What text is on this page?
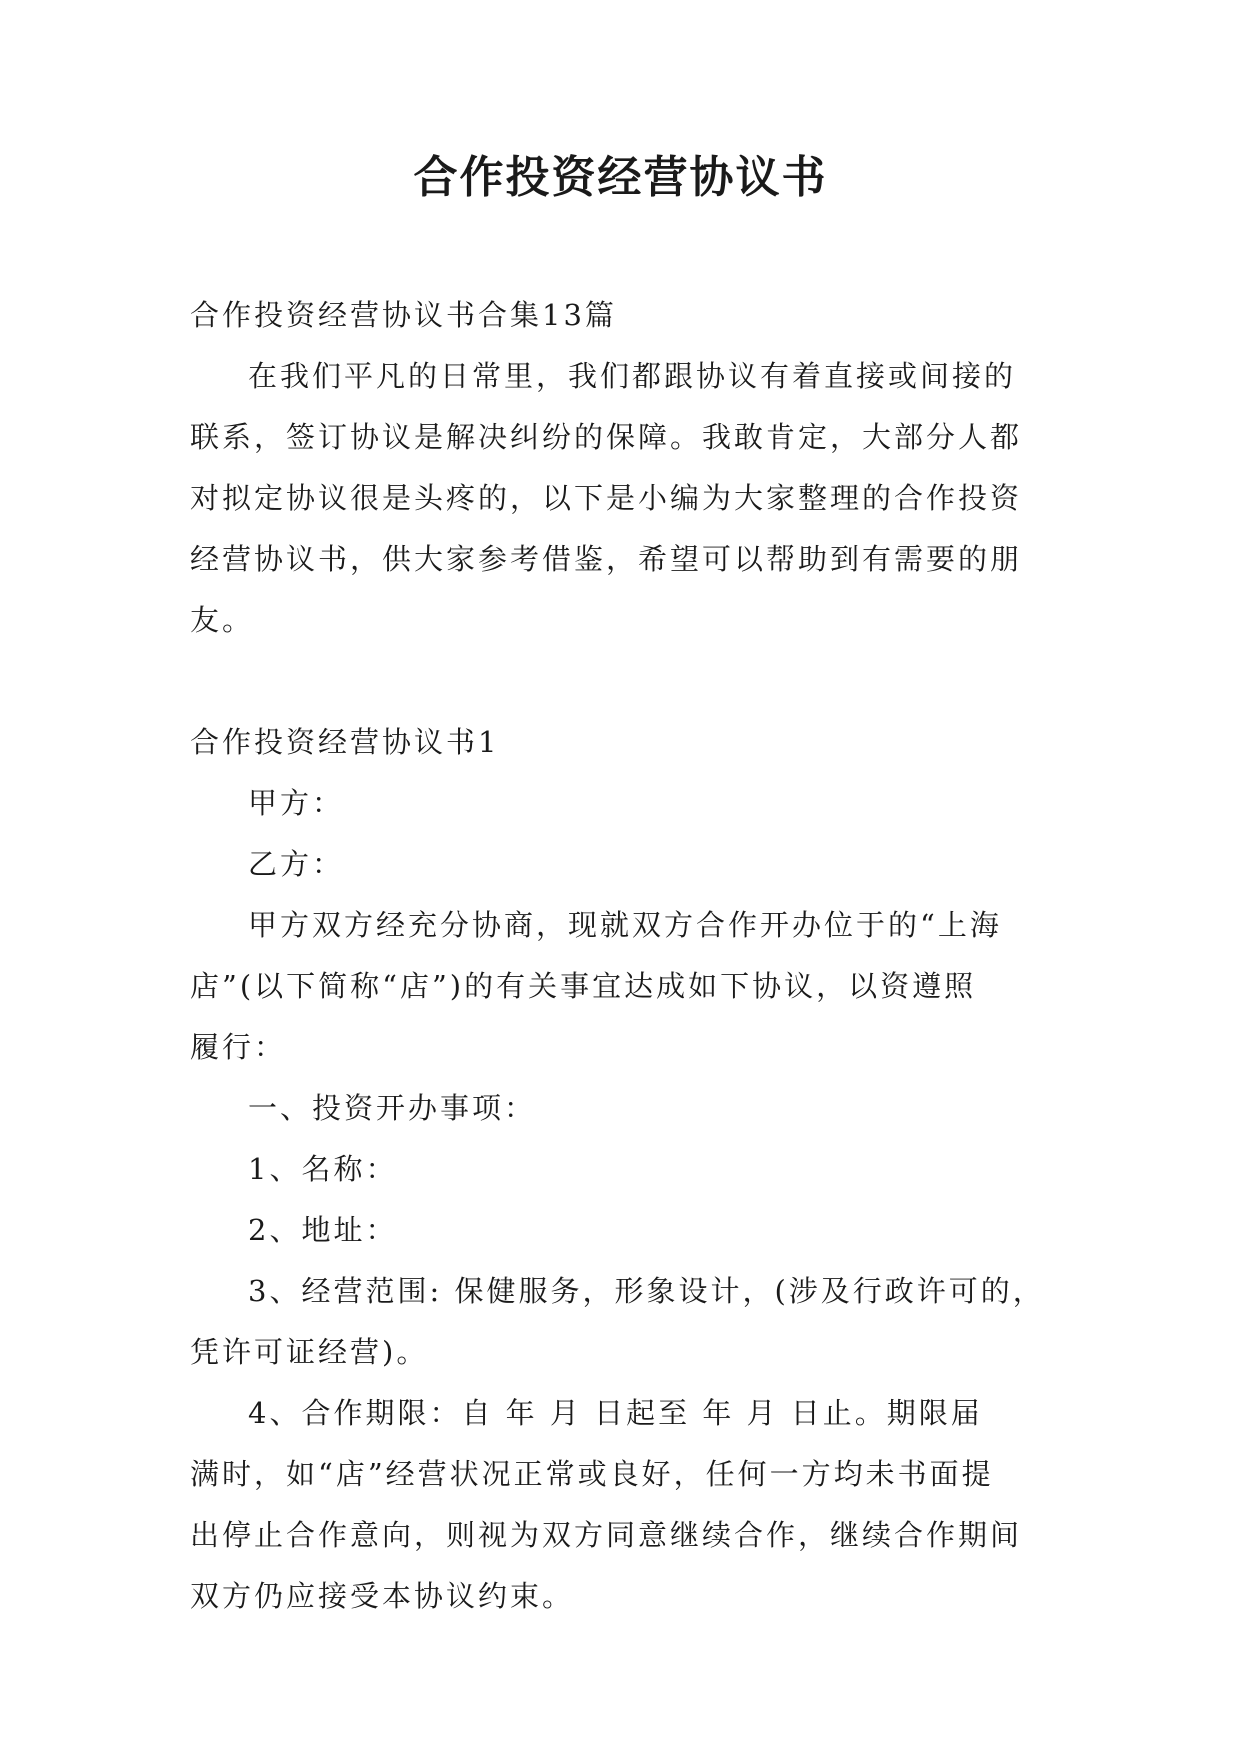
合作投资经营协议书

合作投资经营协议书合集13篇

在我们平凡的日常里，我们都跟协议有着直接或间接的

联系，签订协议是解决纠纷的保障。我敢肯定，大部分人都

对拟定协议很是头疼的，以下是小编为大家整理的合作投资

经营协议书，供大家参考借鉴，希望可以帮助到有需要的朋

友。

合作投资经营协议书1

甲方：

乙方：

甲方双方经充分协商，现就双方合作开办位于的“上海

店”(以下简称“店”)的有关事宜达成如下协议，以资遵照

履行：

一、投资开办事项：

1、名称：

2、地址：

3、经营范围: 保健服务，形象设计，(涉及行政许可的，

凭许可证经营)。

4、合作期限：自 年 月 日起至 年 月 日止。期限届

满时，如“店”经营状况正常或良好，任何一方均未书面提

出停止合作意向，则视为双方同意继续合作，继续合作期间

双方仍应接受本协议约束。
